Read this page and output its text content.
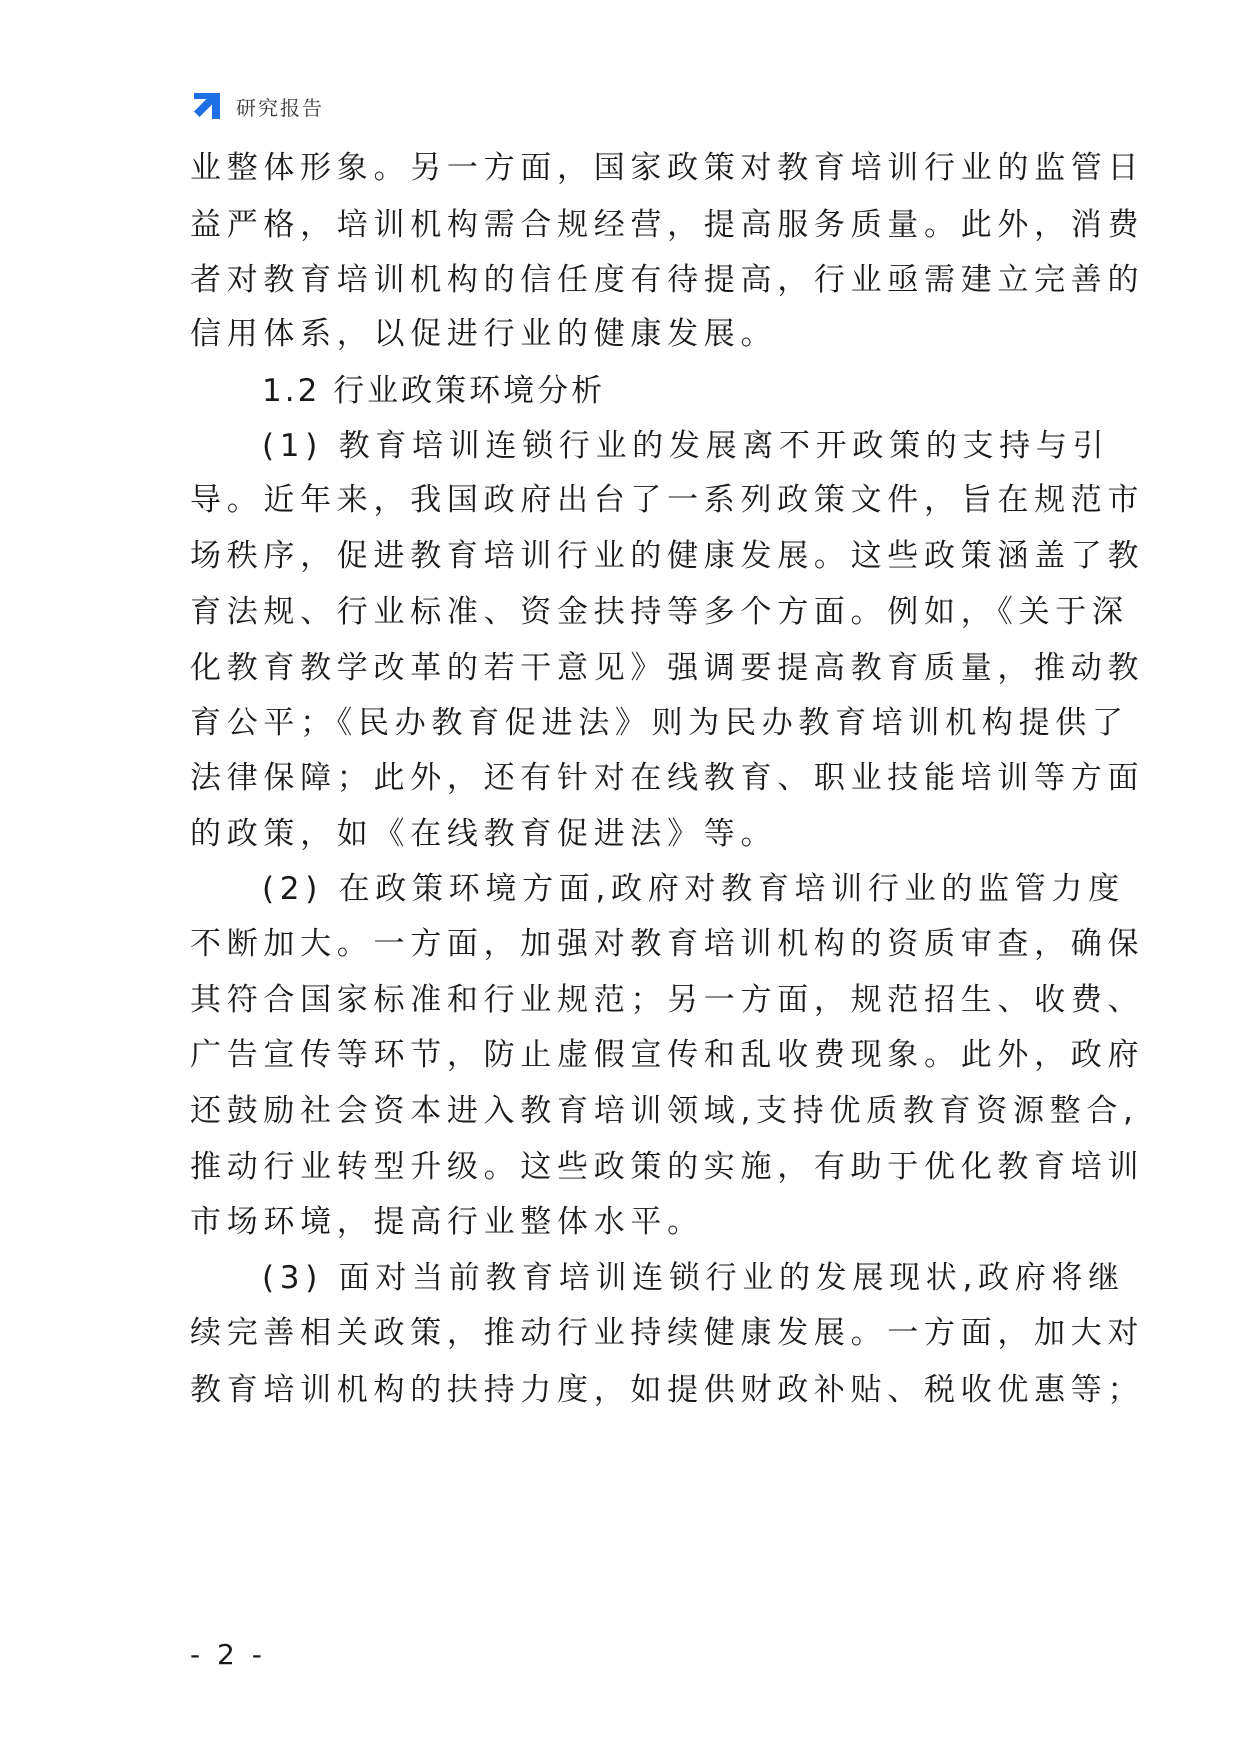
研究报告
业整体形象。另一方面，国家政策对教育培训行业的监管日
益严格，培训机构需合规经营，提高服务质量。此外，消费
者对教育培训机构的信任度有待提高，行业亟需建立完善的
信用体系，以促进行业的健康发展。
1.2 行业政策环境分析
(1) 教育培训连锁行业的发展离不开政策的支持与引
导。近年来，我国政府出台了一系列政策文件，旨在规范市
场秩序，促进教育培训行业的健康发展。这些政策涵盖了教
育法规、行业标准、资金扶持等多个方面。例如，《关于深
化教育教学改革的若干意见》强调要提高教育质量，推动教
育公平；《民办教育促进法》则为民办教育培训机构提供了
法律保障；此外，还有针对在线教育、职业技能培训等方面
的政策，如《在线教育促进法》等。
(2) 在政策环境方面,政府对教育培训行业的监管力度
不断加大。一方面，加强对教育培训机构的资质审查，确保
其符合国家标准和行业规范；另一方面，规范招生、收费、
广告宣传等环节，防止虚假宣传和乱收费现象。此外，政府
还鼓励社会资本进入教育培训领域,支持优质教育资源整合,
推动行业转型升级。这些政策的实施，有助于优化教育培训
市场环境，提高行业整体水平。
(3) 面对当前教育培训连锁行业的发展现状,政府将继
续完善相关政策，推动行业持续健康发展。一方面，加大对
教育培训机构的扶持力度，如提供财政补贴、税收优惠等；
- 2 -
